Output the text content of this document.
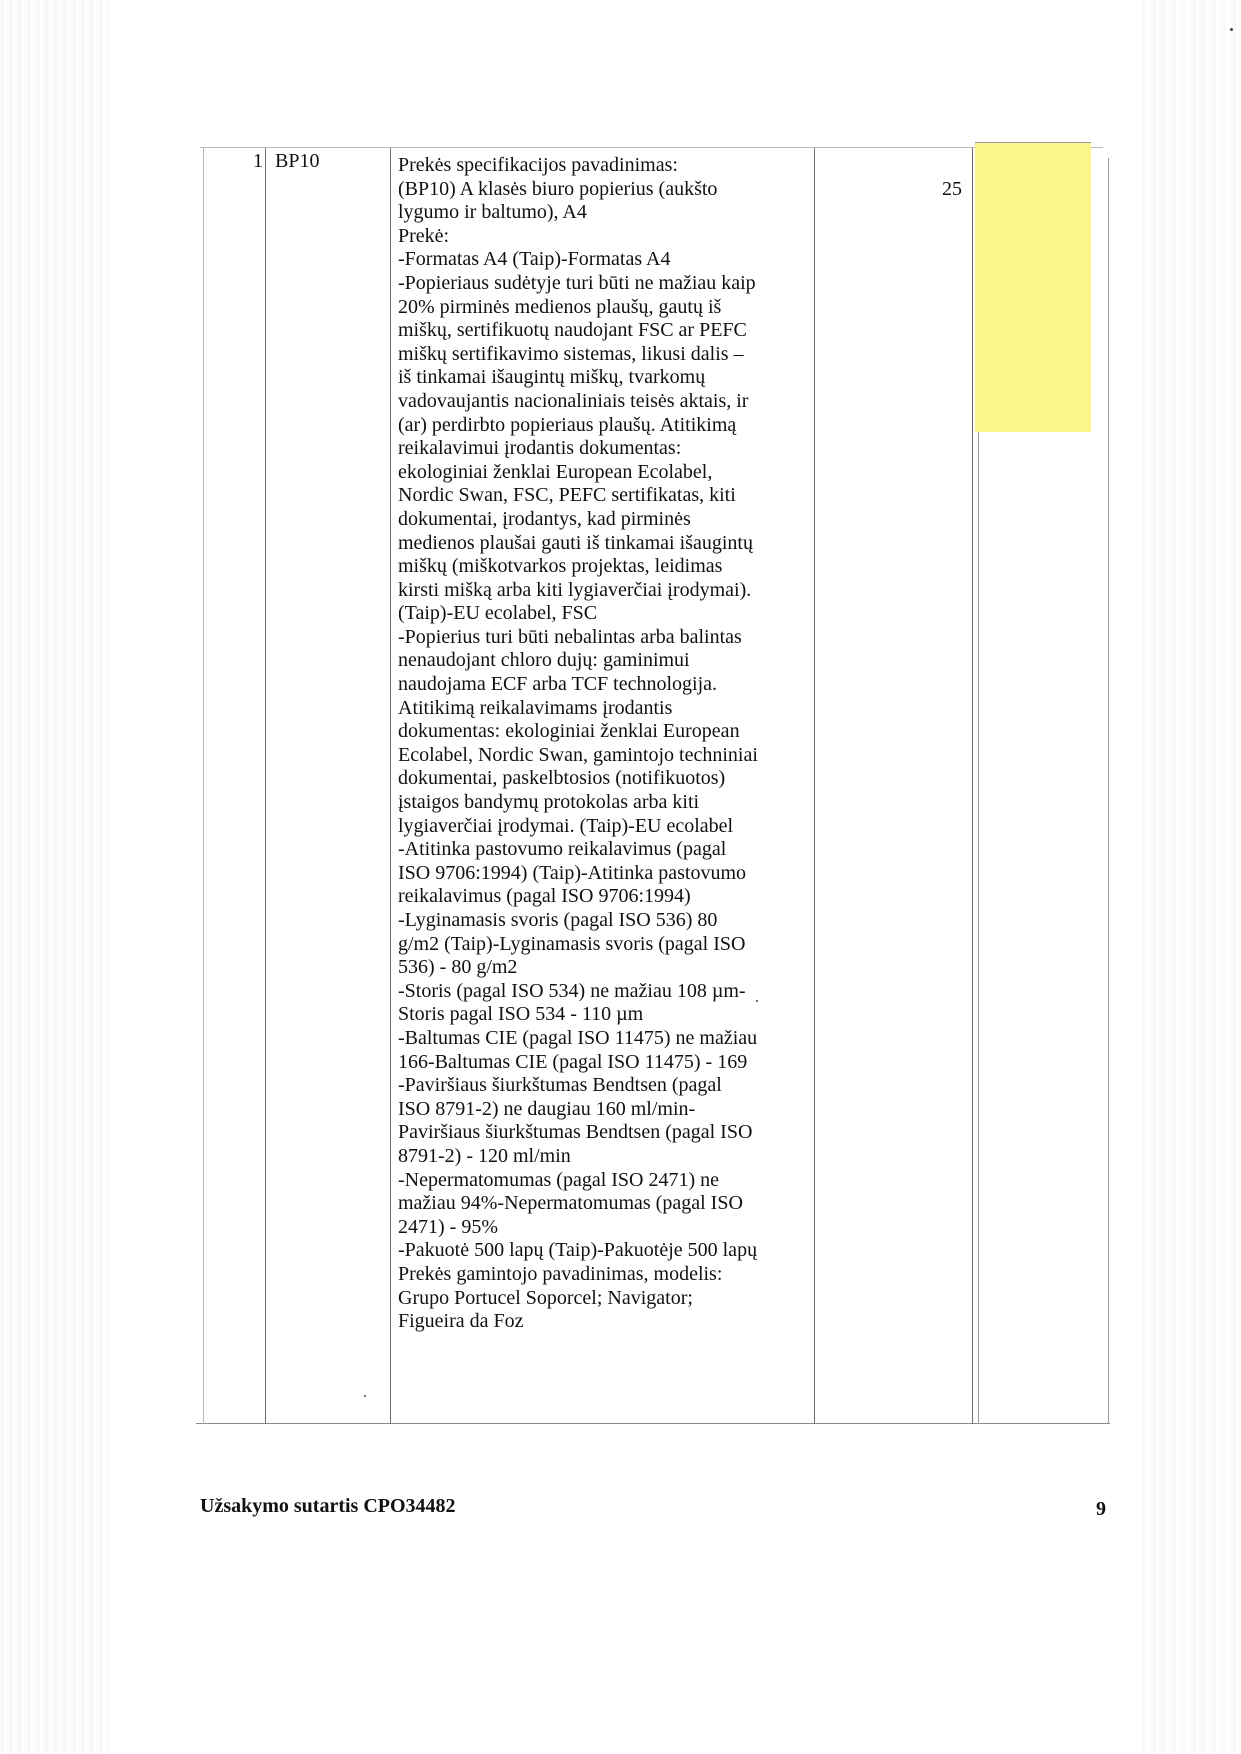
1 BP10
25
Prekės specifikacijos pavadinimas:
(BP10) A klasės biuro popierius (aukšto
lygumo ir baltumo), A4
Prekė:
-Formatas A4 (Taip)-Formatas A4
-Popieriaus sudėtyje turi būti ne mažiau kaip
20% pirminės medienos plaušų, gautų iš
miškų, sertifikuotų naudojant FSC ar PEFC
miškų sertifikavimo sistemas, likusi dalis –
iš tinkamai išaugintų miškų, tvarkomų
vadovaujantis nacionaliniais teisės aktais, ir
(ar) perdirbto popieriaus plaušų. Atitikimą
reikalavimui įrodantis dokumentas:
ekologiniai ženklai European Ecolabel,
Nordic Swan, FSC, PEFC sertifikatas, kiti
dokumentai, įrodantys, kad pirminės
medienos plaušai gauti iš tinkamai išaugintų
miškų (miškotvarkos projektas, leidimas
kirsti mišką arba kiti lygiaverčiai įrodymai).
(Taip)-EU ecolabel, FSC
-Popierius turi būti nebalintas arba balintas
nenaudojant chloro dujų: gaminimui
naudojama ECF arba TCF technologija.
Atitikimą reikalavimams įrodantis
dokumentas: ekologiniai ženklai European
Ecolabel, Nordic Swan, gamintojo techniniai
dokumentai, paskelbtosios (notifikuotos)
įstaigos bandymų protokolas arba kiti
lygiaverčiai įrodymai. (Taip)-EU ecolabel
-Atitinka pastovumo reikalavimus (pagal
ISO 9706:1994) (Taip)-Atitinka pastovumo
reikalavimus (pagal ISO 9706:1994)
-Lyginamasis svoris (pagal ISO 536) 80
g/m2 (Taip)-Lyginamasis svoris (pagal ISO
536) - 80 g/m2
-Storis (pagal ISO 534) ne mažiau 108 µm-
Storis pagal ISO 534 - 110 µm
-Baltumas CIE (pagal ISO 11475) ne mažiau
166-Baltumas CIE (pagal ISO 11475) - 169
-Paviršiaus šiurkštumas Bendtsen (pagal
ISO 8791-2) ne daugiau 160 ml/min-
Paviršiaus šiurkštumas Bendtsen (pagal ISO
8791-2) - 120 ml/min
-Nepermatomumas (pagal ISO 2471) ne
mažiau 94%-Nepermatomumas (pagal ISO
2471) - 95%
-Pakuotė 500 lapų (Taip)-Pakuotėje 500 lapų
Prekės gamintojo pavadinimas, modelis:
Grupo Portucel Soporcel; Navigator;
Figueira da Foz
Užsakymo sutartis CPO34482	9
